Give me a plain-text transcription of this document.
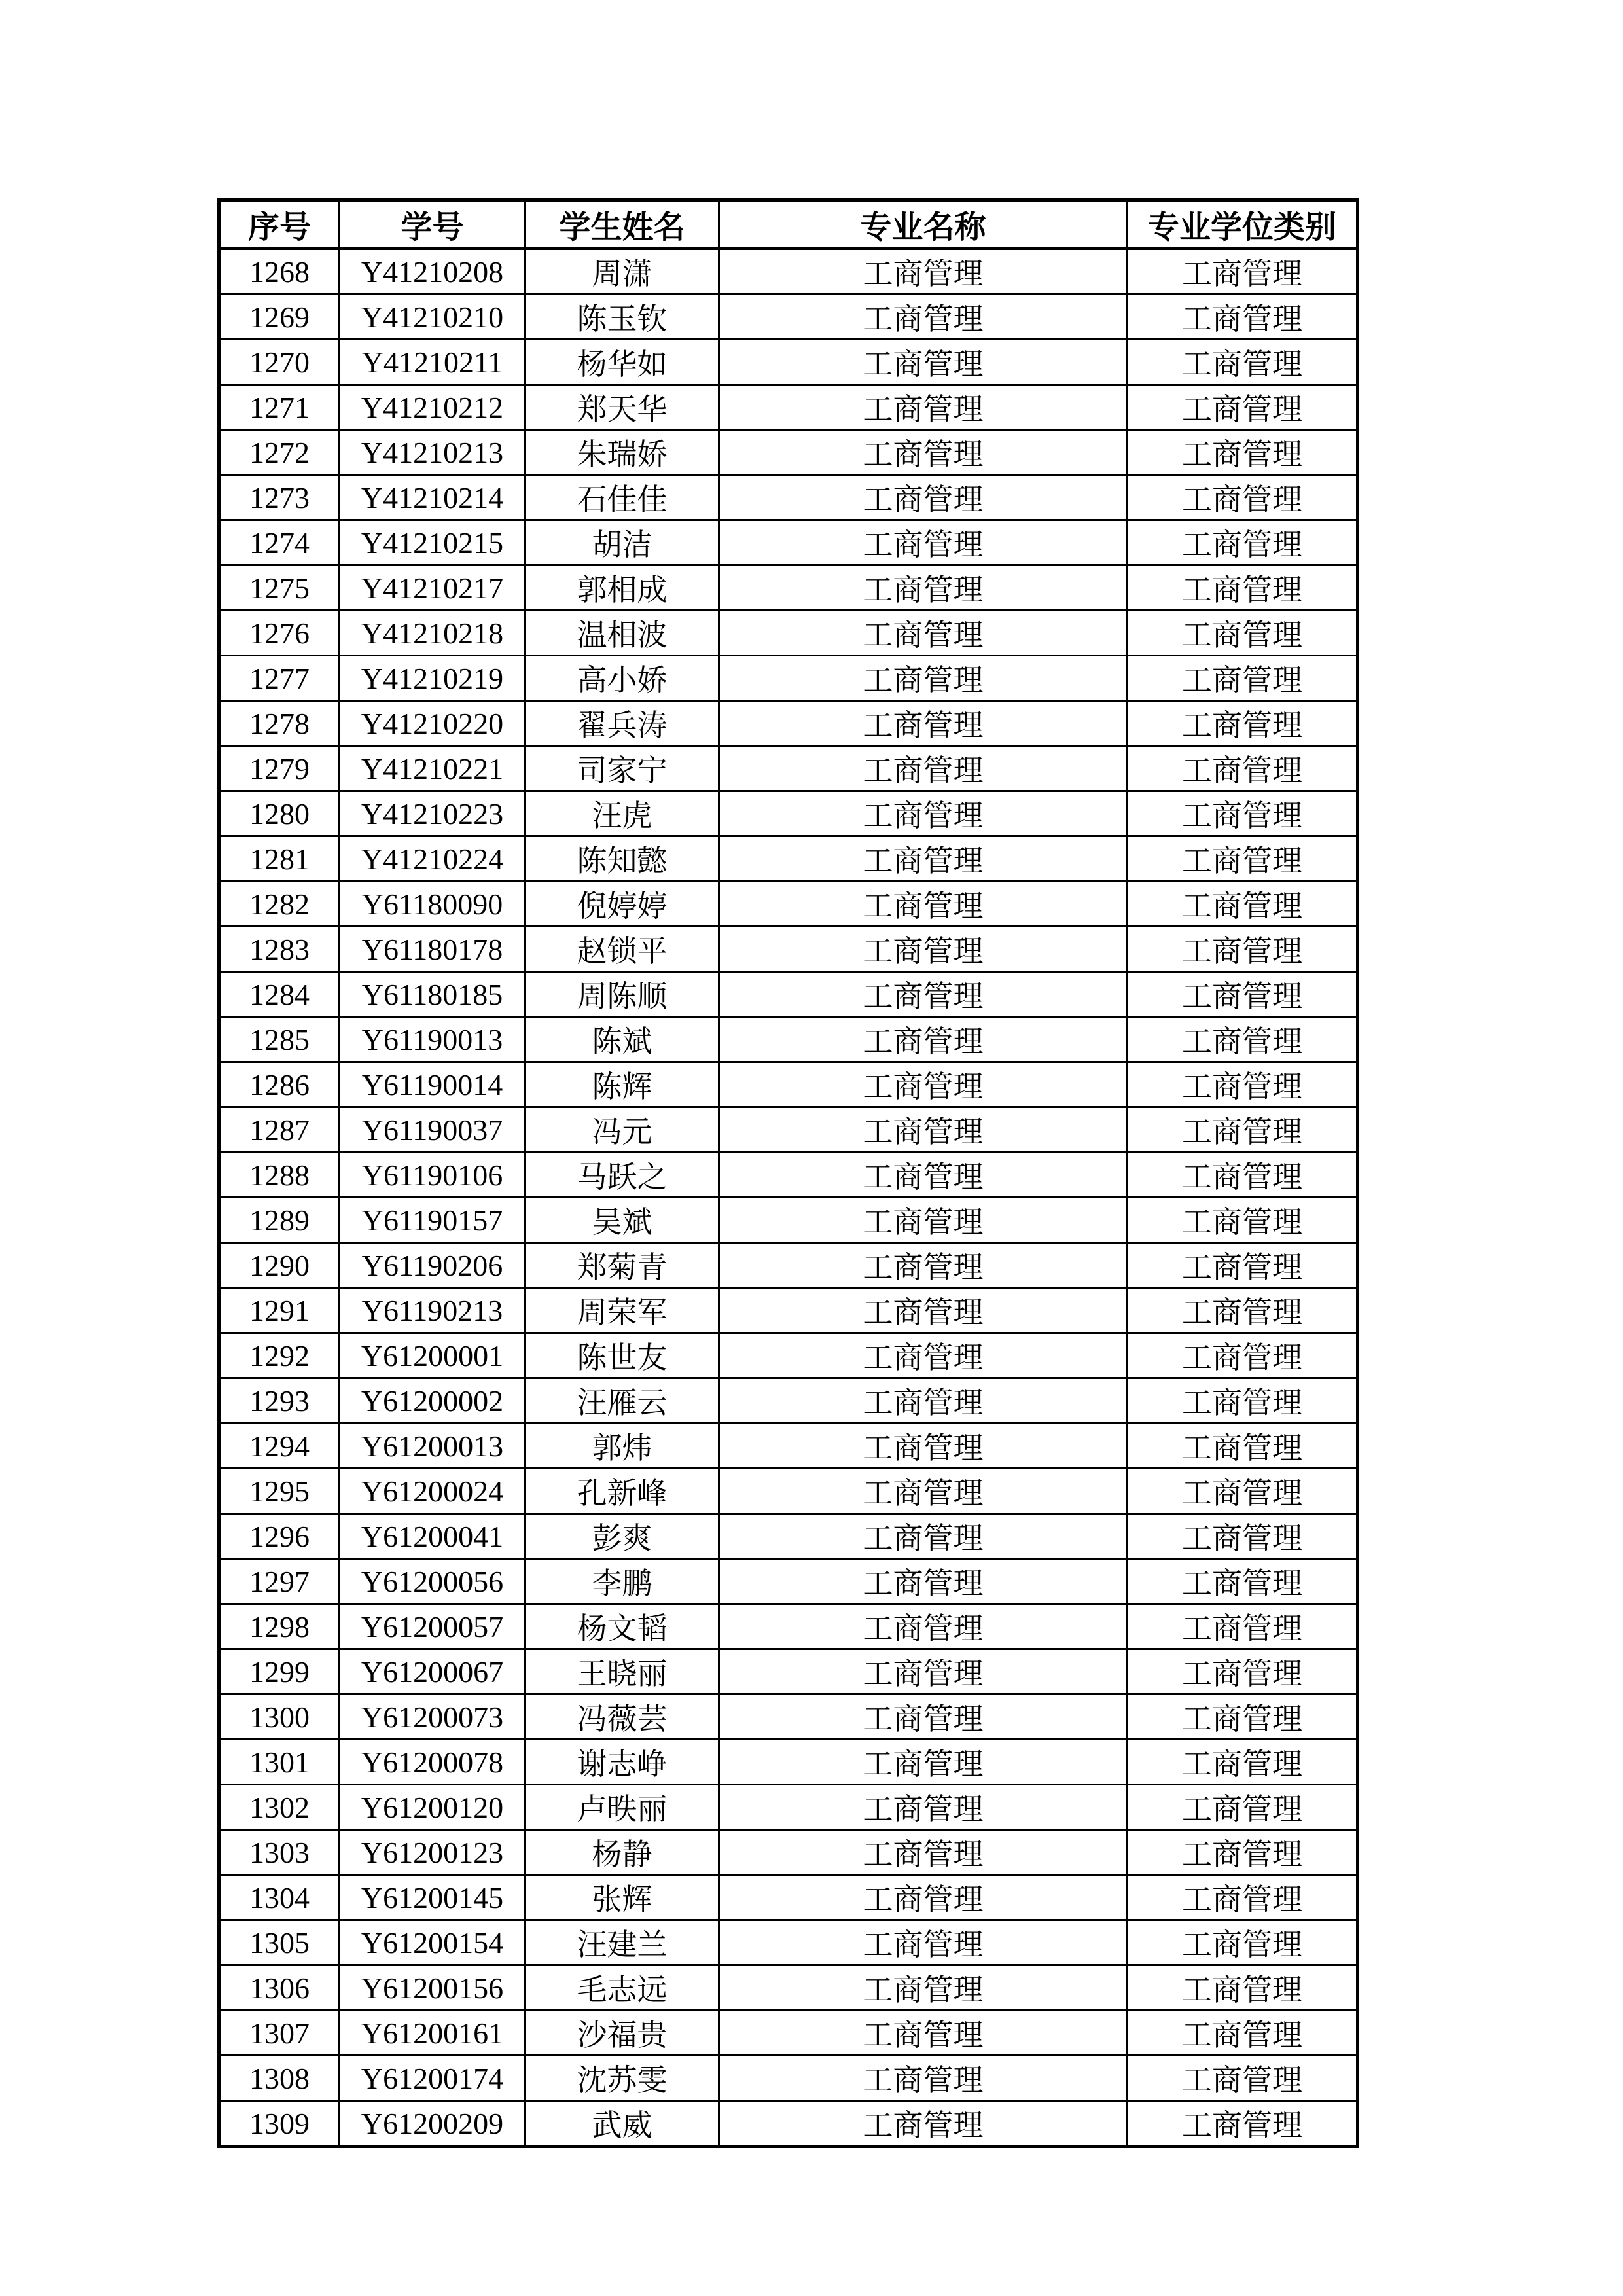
序号	学号	学生姓名	专业名称	专业学位类别
1268	Y41210208	周潇	工商管理	工商管理
1269	Y41210210	陈玉钦	工商管理	工商管理
1270	Y41210211	杨华如	工商管理	工商管理
1271	Y41210212	郑天华	工商管理	工商管理
1272	Y41210213	朱瑞娇	工商管理	工商管理
1273	Y41210214	石佳佳	工商管理	工商管理
1274	Y41210215	胡洁	工商管理	工商管理
1275	Y41210217	郭相成	工商管理	工商管理
1276	Y41210218	温相波	工商管理	工商管理
1277	Y41210219	高小娇	工商管理	工商管理
1278	Y41210220	翟兵涛	工商管理	工商管理
1279	Y41210221	司家宁	工商管理	工商管理
1280	Y41210223	汪虎	工商管理	工商管理
1281	Y41210224	陈知懿	工商管理	工商管理
1282	Y61180090	倪婷婷	工商管理	工商管理
1283	Y61180178	赵锁平	工商管理	工商管理
1284	Y61180185	周陈顺	工商管理	工商管理
1285	Y61190013	陈斌	工商管理	工商管理
1286	Y61190014	陈辉	工商管理	工商管理
1287	Y61190037	冯元	工商管理	工商管理
1288	Y61190106	马跃之	工商管理	工商管理
1289	Y61190157	吴斌	工商管理	工商管理
1290	Y61190206	郑菊青	工商管理	工商管理
1291	Y61190213	周荣军	工商管理	工商管理
1292	Y61200001	陈世友	工商管理	工商管理
1293	Y61200002	汪雁云	工商管理	工商管理
1294	Y61200013	郭炜	工商管理	工商管理
1295	Y61200024	孔新峰	工商管理	工商管理
1296	Y61200041	彭爽	工商管理	工商管理
1297	Y61200056	李鹏	工商管理	工商管理
1298	Y61200057	杨文韬	工商管理	工商管理
1299	Y61200067	王晓丽	工商管理	工商管理
1300	Y61200073	冯薇芸	工商管理	工商管理
1301	Y61200078	谢志峥	工商管理	工商管理
1302	Y61200120	卢昳丽	工商管理	工商管理
1303	Y61200123	杨静	工商管理	工商管理
1304	Y61200145	张辉	工商管理	工商管理
1305	Y61200154	汪建兰	工商管理	工商管理
1306	Y61200156	毛志远	工商管理	工商管理
1307	Y61200161	沙福贵	工商管理	工商管理
1308	Y61200174	沈苏雯	工商管理	工商管理
1309	Y61200209	武威	工商管理	工商管理
